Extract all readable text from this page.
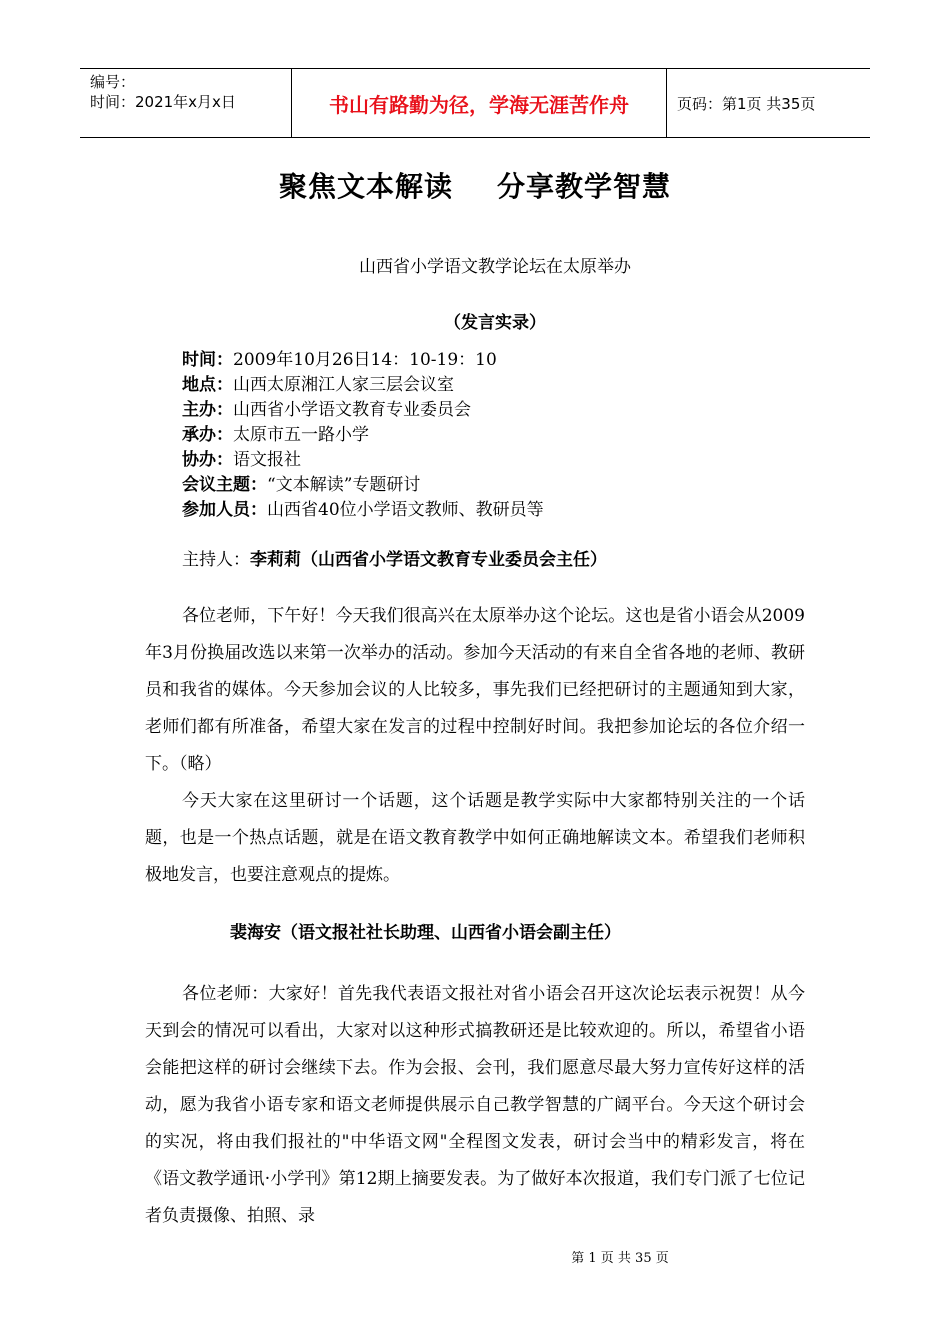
编号：
时间：2021年x月x日	书山有路勤为径，学海无涯苦作舟	页码：第1页 共35页
聚焦文本解读 分享教学智慧
山西省小学语文教学论坛在太原举办
（发言实录）
时间：2009年10月26日14：10-19：10
地点：山西太原湘江人家三层会议室
主办：山西省小学语文教育专业委员会
承办：太原市五一路小学
协办：语文报社
会议主题：“文本解读”专题研讨
参加人员：山西省40位小学语文教师、教研员等
主持人：李莉莉（山西省小学语文教育专业委员会主任）

各位老师，下午好！今天我们很高兴在太原举办这个论坛。这也是省小语会从2009年3月份换届改选以来第一次举办的活动。参加今天活动的有来自全省各地的老师、教研员和我省的媒体。今天参加会议的人比较多，事先我们已经把研讨的主题通知到大家，老师们都有所准备，希望大家在发言的过程中控制好时间。我把参加论坛的各位介绍一下。（略）

今天大家在这里研讨一个话题，这个话题是教学实际中大家都特别关注的一个话题，也是一个热点话题，就是在语文教育教学中如何正确地解读文本。希望我们老师积极地发言，也要注意观点的提炼。

裴海安（语文报社社长助理、山西省小语会副主任）

各位老师：大家好！首先我代表语文报社对省小语会召开这次论坛表示祝贺！从今天到会的情况可以看出，大家对以这种形式搞教研还是比较欢迎的。所以，希望省小语会能把这样的研讨会继续下去。作为会报、会刊，我们愿意尽最大努力宣传好这样的活动，愿为我省小语专家和语文老师提供展示自己教学智慧的广阔平台。今天这个研讨会的实况，将由我们报社的"中华语文网"全程图文发表，研讨会当中的精彩发言，将在《语文教学通讯·小学刊》第12期上摘要发表。为了做好本次报道，我们专门派了七位记者负责摄像、拍照、录

第 1 页 共 35 页
